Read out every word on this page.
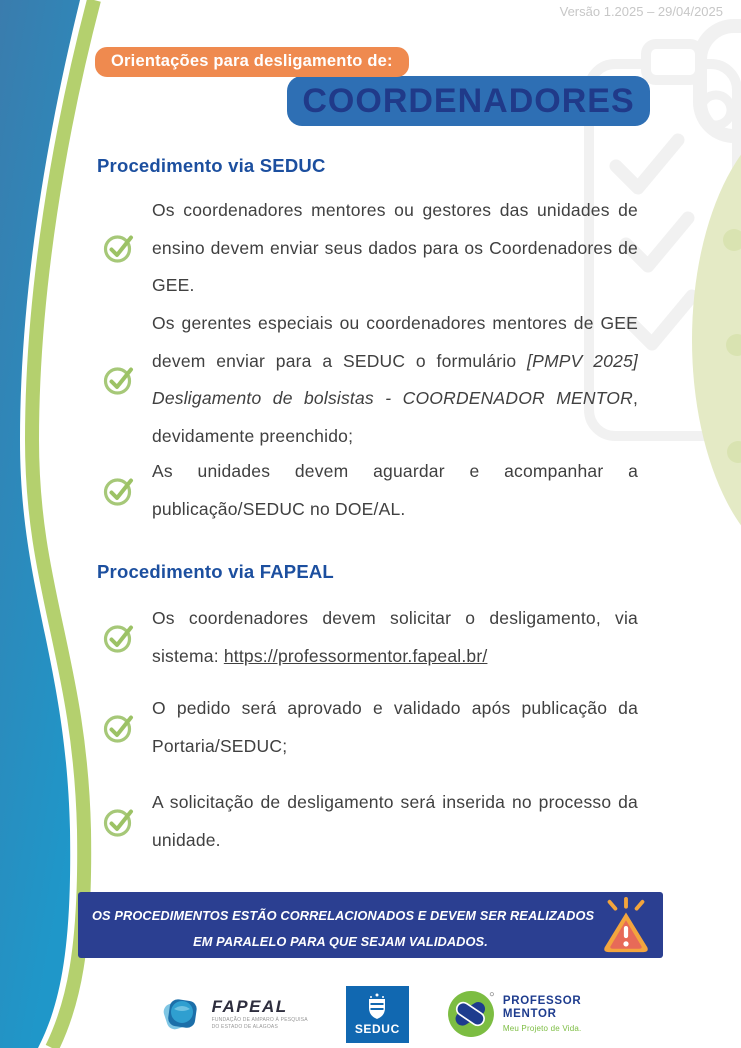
Versão 1.2025 – 29/04/2025
Orientações para desligamento de:
COORDENADORES
Procedimento via SEDUC

Os coordenadores mentores ou gestores das unidades de ensino devem enviar seus dados para os Coordenadores de GEE.

Os gerentes especiais ou coordenadores mentores de GEE devem enviar para a SEDUC o formulário [PMPV 2025] Desligamento de bolsistas - COORDENADOR MENTOR, devidamente preenchido;

As unidades devem aguardar e acompanhar a publicação/SEDUC no DOE/AL.

Procedimento via FAPEAL

Os coordenadores devem solicitar o desligamento, via sistema: https://professormentor.fapeal.br/

O pedido será aprovado e validado após publicação da Portaria/SEDUC;

A solicitação de desligamento será inserida no processo da unidade.

OS PROCEDIMENTOS ESTÃO CORRELACIONADOS E DEVEM SER REALIZADOS
EM PARALELO PARA QUE SEJAM VALIDADOS.
FAPEAL
FUNDAÇÃO DE AMPARO À PESQUISA
DO ESTADO DE ALAGOAS	SEDUC
PROFESSOR
MENTOR
Meu Projeto de Vida.
